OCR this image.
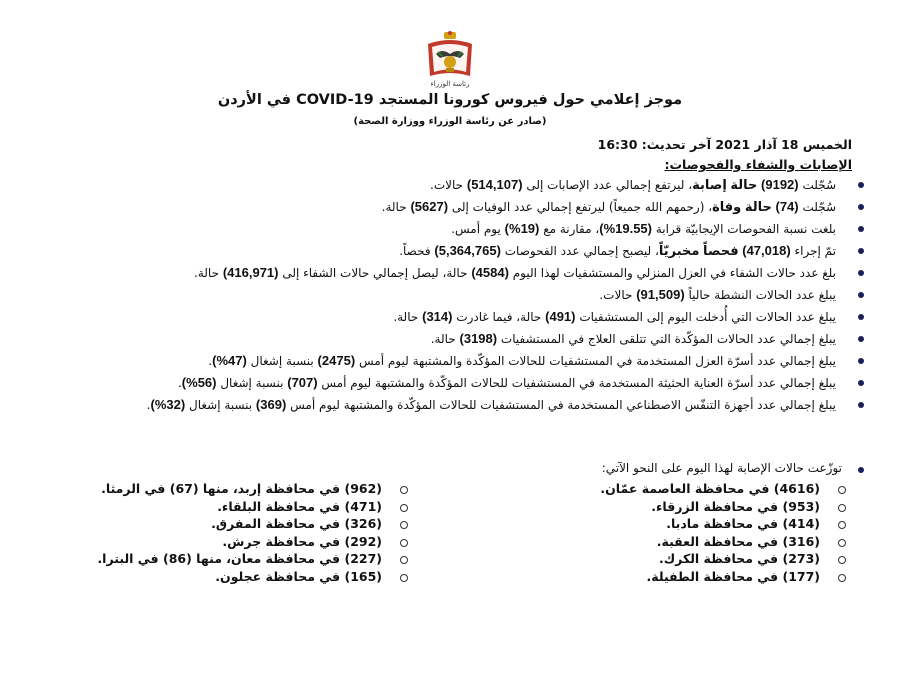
رئاسة الوزراء
موجز إعلامي حول فيروس كورونا المستجد COVID-19 في الأردن
(صادر عن رئاسة الوزراء ووزارة الصحة)
الخميس 18 آذار 2021 آخر تحديث: 16:30
الإصابات والشفاء والفحوصات:
سُجّلت (9192) حالة إصابة، ليرتفع إجمالي عدد الإصابات إلى (514,107) حالات.
سُجّلت (74) حالة وفاة، (رحمهم الله جميعاً) ليرتفع إجمالي عدد الوفيات إلى (5627) حالة.
بلغت نسبة الفحوصات الإيجابيّة قرابة (19.55%)، مقارنة مع (19%) يوم أمس.
تمّ إجراء (47,018) فحصاً مخبريّاً، ليصبح إجمالي عدد الفحوصات (5,364,765) فحصاً.
بلغ عدد حالات الشفاء في العزل المنزلي والمستشفيات لهذا اليوم (4584) حالة، ليصل إجمالي حالات الشفاء إلى (416,971) حالة.
يبلغ عدد الحالات النشطة حالياً (91,509) حالات.
يبلغ عدد الحالات التي أُدخلت اليوم إلى المستشفيات (491) حالة، فيما غادرت (314) حالة.
يبلغ إجمالي عدد الحالات المؤكّدة التي تتلقى العلاج في المستشفيات (3198) حالة.
يبلغ إجمالي عدد أسرّة العزل المستخدمة في المستشفيات للحالات المؤكّدة والمشتبهة ليوم أمس (2475) بنسبة إشغال (47%).
يبلغ إجمالي عدد أسرّة العناية الحثيثة المستخدمة في المستشفيات للحالات المؤكّدة والمشتبهة ليوم أمس (707) بنسبة إشغال (56%).
يبلغ إجمالي عدد أجهزة التنفّس الاصطناعي المستخدمة في المستشفيات للحالات المؤكّدة والمشتبهة ليوم أمس (369) بنسبة إشغال (32%).
توزّعت حالات الإصابة لهذا اليوم على النحو الآتي:
(4616) في محافظة العاصمة عمّان.
(953) في محافظة الزرقاء.
(414) في محافظة مادبا.
(316) في محافظة العقبة.
(273) في محافظة الكرك.
(177) في محافظة الطفيلة.
(962) في محافظة إربد، منها (67) في الرمثا.
(471) في محافظة البلقاء.
(326) في محافظة المفرق.
(292) في محافظة جرش.
(227) في محافظة معان، منها (86) في البترا.
(165) في محافظة عجلون.
